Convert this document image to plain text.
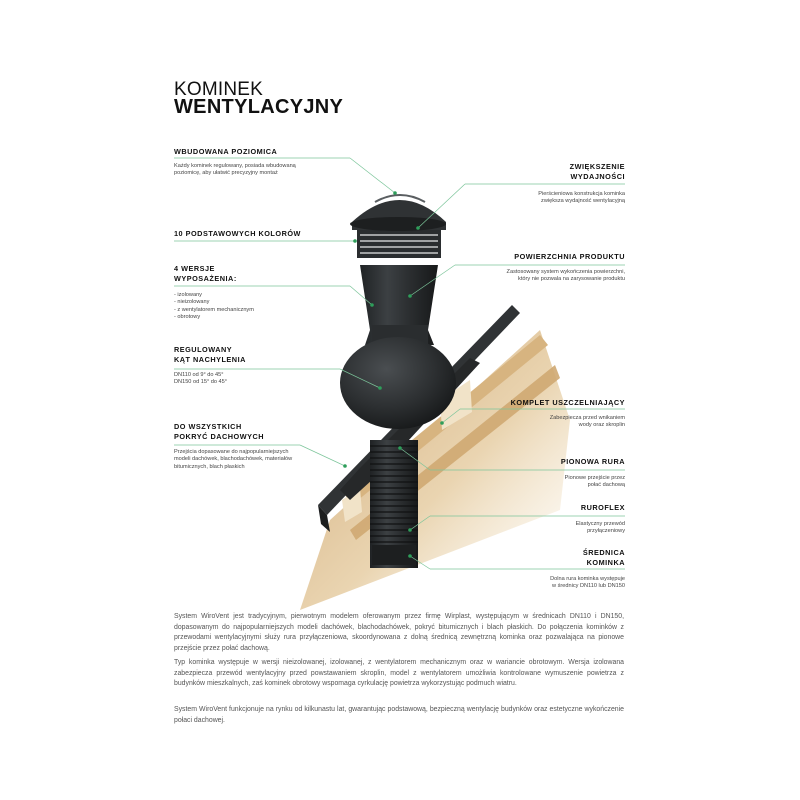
KOMINEK
WENTYLACYJNY
WBUDOWANA POZIOMICA
Każdy kominek regulowany, posiada wbudowaną
poziomicę, aby ułatwić precyzyjny montaż
10 PODSTAWOWYCH KOLORÓW
4 WERSJE
WYPOSAŻENIA:
- izolowany
- nieizolowany
- z wentylatorem mechanicznym
- obrotowy
REGULOWANY
KĄT NACHYLENIA
DN110 od 9° do 45°
DN150 od 15° do 45°
DO WSZYSTKICH
POKRYĆ DACHOWYCH
Przejścia dopasowane do najpopularniejszych
modeli dachówek, blachodachówek, materiałów
bitumicznych, blach płaskich
ZWIĘKSZENIE
WYDAJNOŚCI
Pierścieniowa konstrukcja kominka
zwiększa wydajność wentylacyjną
POWIERZCHNIA PRODUKTU
Zastosowany system wykończenia powierzchni,
który nie pozwala na zarysowanie produktu
KOMPLET USZCZELNIAJĄCY
Zabezpiecza przed wnikaniem
wody oraz skroplin
PIONOWA RURA
Pionowe przejście przez
połać dachową
RUROFLEX
Elastyczny przewód
przyłączeniowy
ŚREDNICA
KOMINKA
Dolna rura kominka występuje
w średnicy DN110 lub DN150

System WiroVent jest tradycyjnym, pierwotnym modelem oferowanym przez firmę Wirplast, występującym w średnicach DN110 i DN150, dopasowanym do najpopularniejszych modeli dachówek, blachodachówek, pokryć bitumicznych i blach płaskich. Do połączenia kominków z przewodami wentylacyjnymi służy rura przyłączeniowa, skoordynowana z dolną średnicą zewnętrzną kominka oraz pozwalająca na pionowe przejście przez połać dachową.

Typ kominka występuje w wersji nieizolowanej, izolowanej, z wentylatorem mechanicznym oraz w wariancie obrotowym. Wersja izolowana zabezpiecza przewód wentylacyjny przed powstawaniem skroplin, model z wentylatorem umożliwia kontrolowane wymuszenie powietrza z budynków mieszkalnych, zaś kominek obrotowy wspomaga cyrkulację powietrza wykorzystując podmuch wiatru.

System WiroVent funkcjonuje na rynku od kilkunastu lat, gwarantując podstawową, bezpieczną wentylację budynków oraz estetyczne wykończenie połaci dachowej.
